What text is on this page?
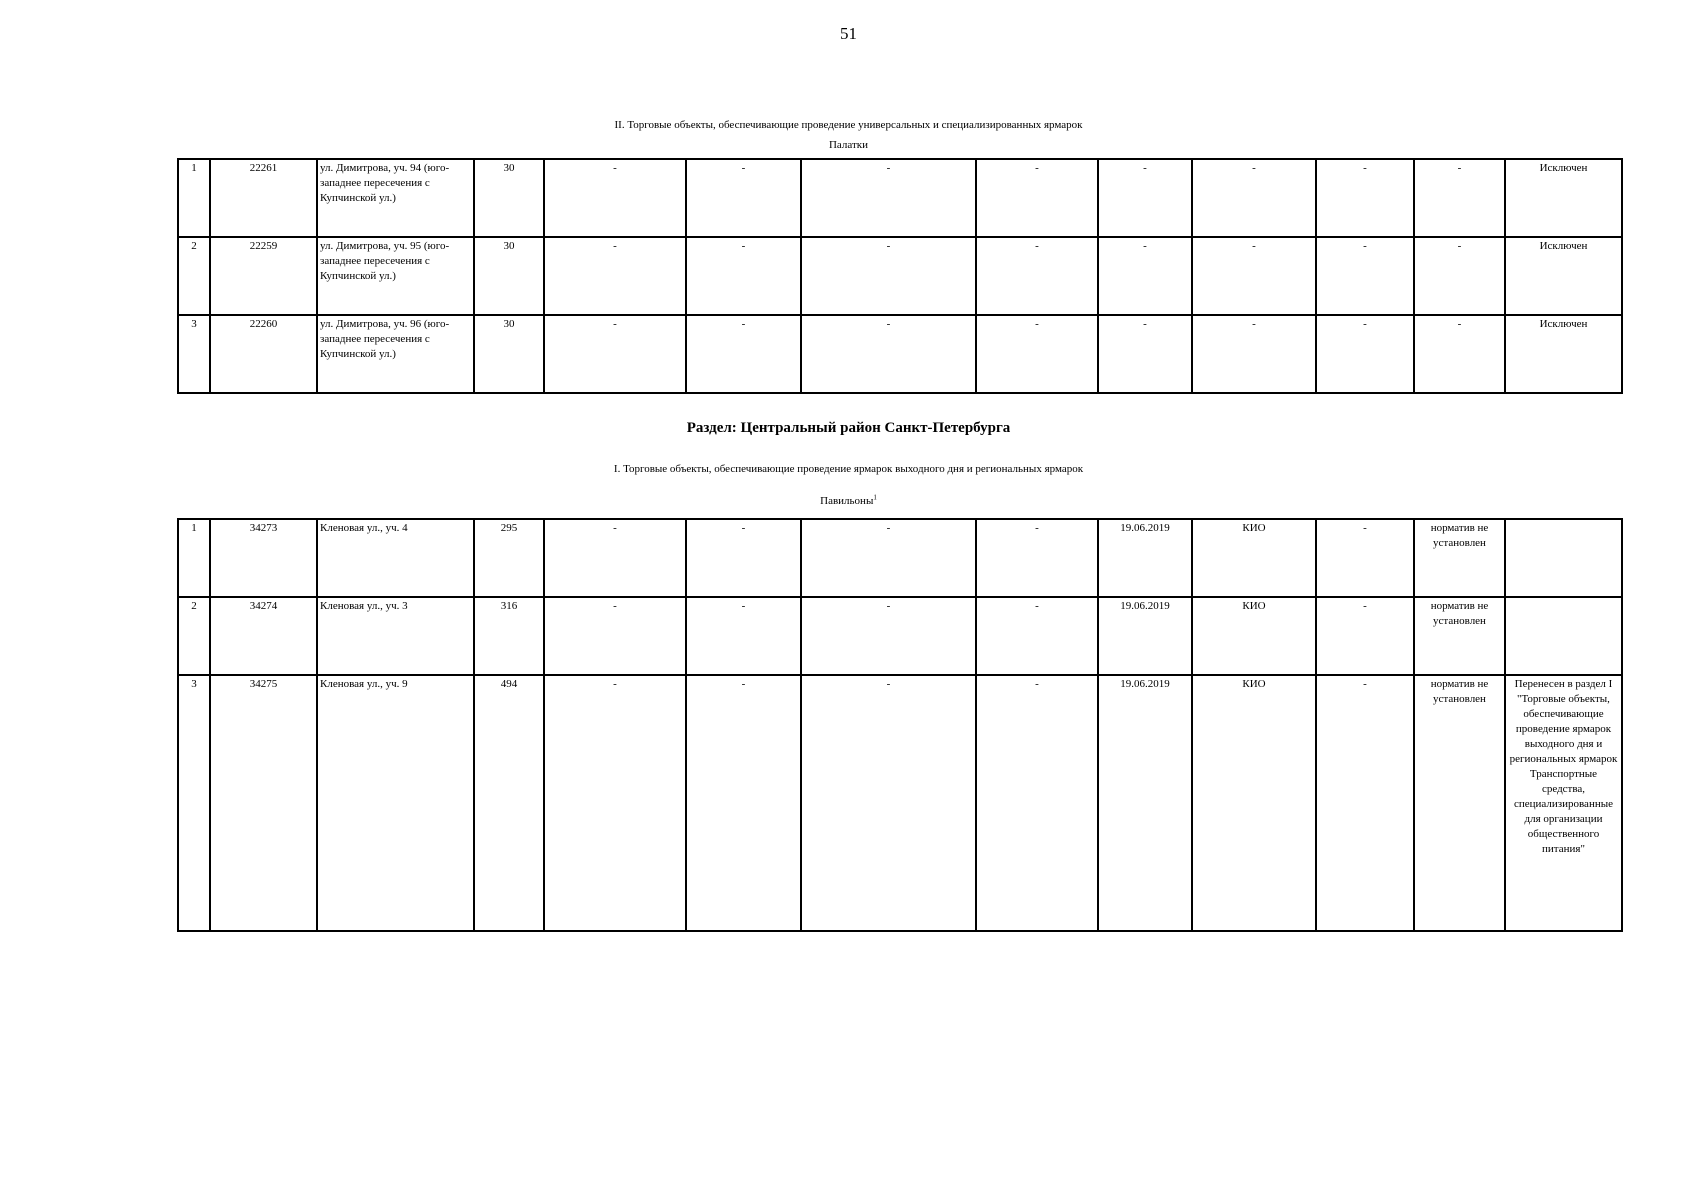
51
II. Торговые объекты, обеспечивающие проведение универсальных и специализированных ярмарок
Палатки
1	22261	ул. Димитрова, уч. 94 (юго-западнее пересечения с Купчинской ул.)	30	-	-	-	-	-	-	-	-	Исключен
2	22259	ул. Димитрова, уч. 95 (юго-западнее пересечения с Купчинской ул.)	30	-	-	-	-	-	-	-	-	Исключен
3	22260	ул. Димитрова, уч. 96 (юго-западнее пересечения с Купчинской ул.)	30	-	-	-	-	-	-	-	-	Исключен
Раздел: Центральный район Санкт-Петербурга
I. Торговые объекты, обеспечивающие проведение ярмарок выходного дня и региональных ярмарок
Павильоны$^1$
1	34273	Кленовая ул., уч. 4	295	-	-	-	-	19.06.2019	КИО	-	норматив не установлен	
2	34274	Кленовая ул., уч. 3	316	-	-	-	-	19.06.2019	КИО	-	норматив не установлен	
3	34275	Кленовая ул., уч. 9	494	-	-	-	-	19.06.2019	КИО	-	норматив не установлен	Перенесен в раздел I "Торговые объекты, обеспечивающие проведение ярмарок выходного дня и региональных ярмарок Транспортные средства, специализированные для организации общественного питания"
